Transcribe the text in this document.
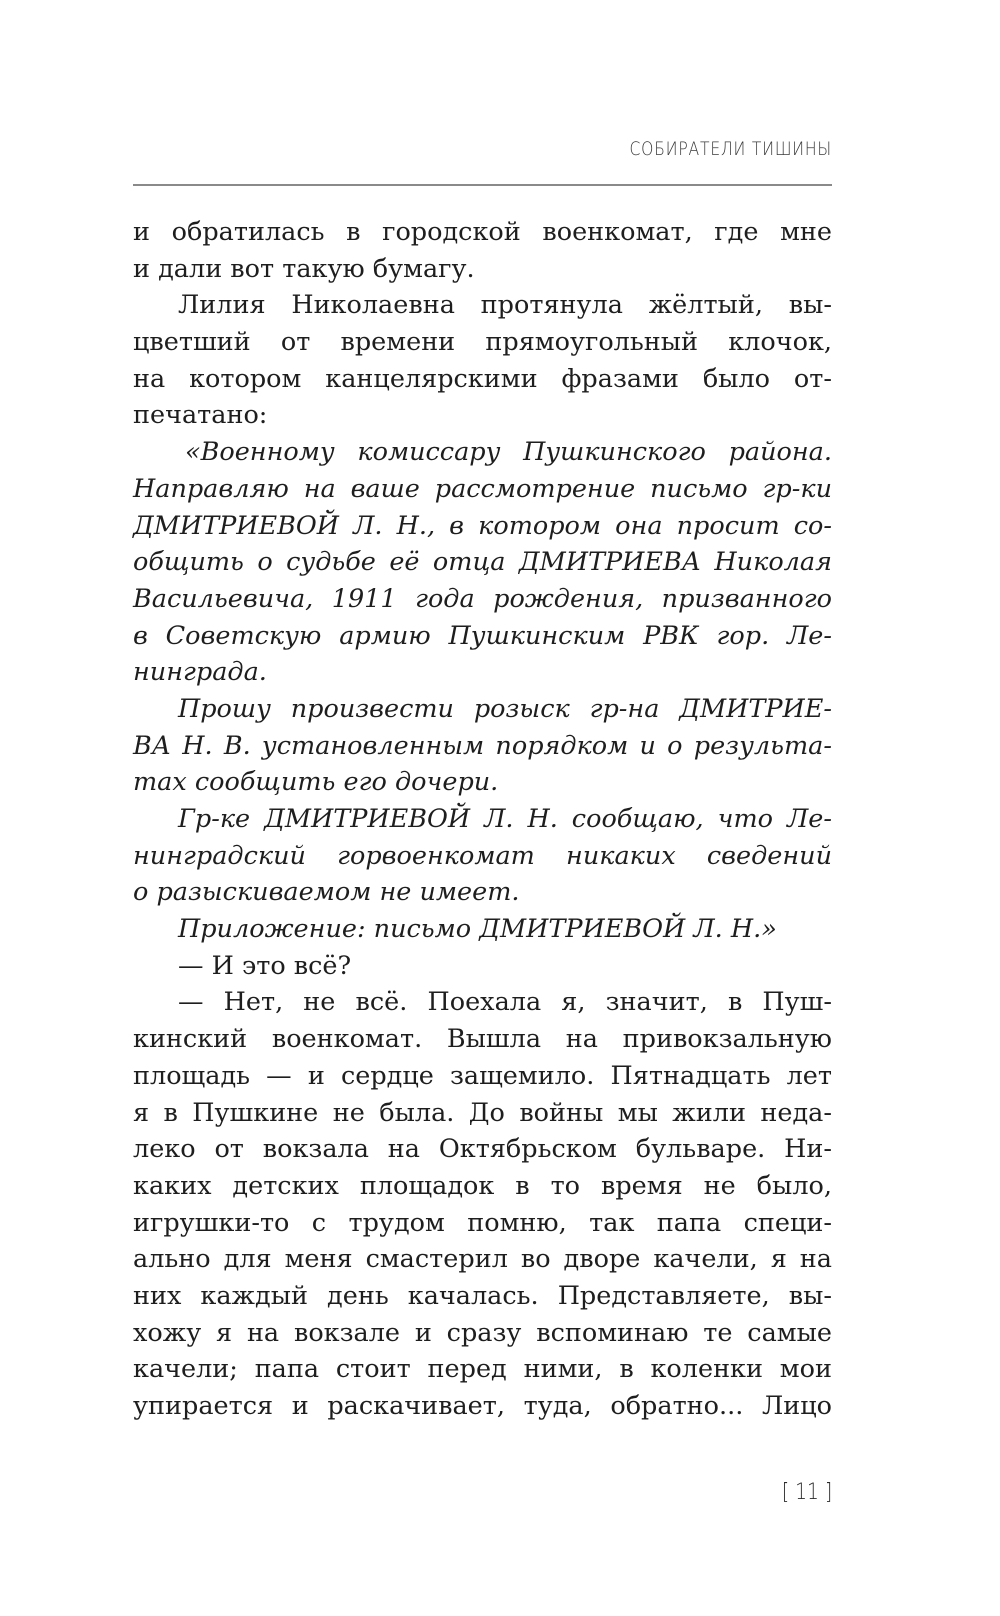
СОБИРАТЕЛИ ТИШИНЫ
и обратилась в городской военкомат, где мне
и дали вот такую бумагу.
Лилия Николаевна протянула жёлтый, вы-
цветший от времени прямоугольный клочок,
на котором канцелярскими фразами было от-
печатано:
«Военному комиссару Пушкинского района.
Направляю на ваше рассмотрение письмо гр-ки
ДМИТРИЕВОЙ Л. Н., в котором она просит со-
общить о судьбе её отца ДМИТРИЕВА Николая
Васильевича, 1911 года рождения, призванного
в Советскую армию Пушкинским РВК гор. Ле-
нинграда.
Прошу произвести розыск гр-на ДМИТРИЕ-
ВА Н. В. установленным порядком и о результа-
тах сообщить его дочери.
Гр-ке ДМИТРИЕВОЙ Л. Н. сообщаю, что Ле-
нинградский горвоенкомат никаких сведений
о разыскиваемом не имеет.
Приложение: письмо ДМИТРИЕВОЙ Л. Н.»
— И это всё?
— Нет, не всё. Поехала я, значит, в Пуш-
кинский военкомат. Вышла на привокзальную
площадь — и сердце защемило. Пятнадцать лет
я в Пушкине не была. До войны мы жили неда-
леко от вокзала на Октябрьском бульваре. Ни-
каких детских площадок в то время не было,
игрушки-то с трудом помню, так папа специ-
ально для меня смастерил во дворе качели, я на
них каждый день качалась. Представляете, вы-
хожу я на вокзале и сразу вспоминаю те самые
качели; папа стоит перед ними, в коленки мои
упирается и раскачивает, туда, обратно... Лицо
[ 11 ]
